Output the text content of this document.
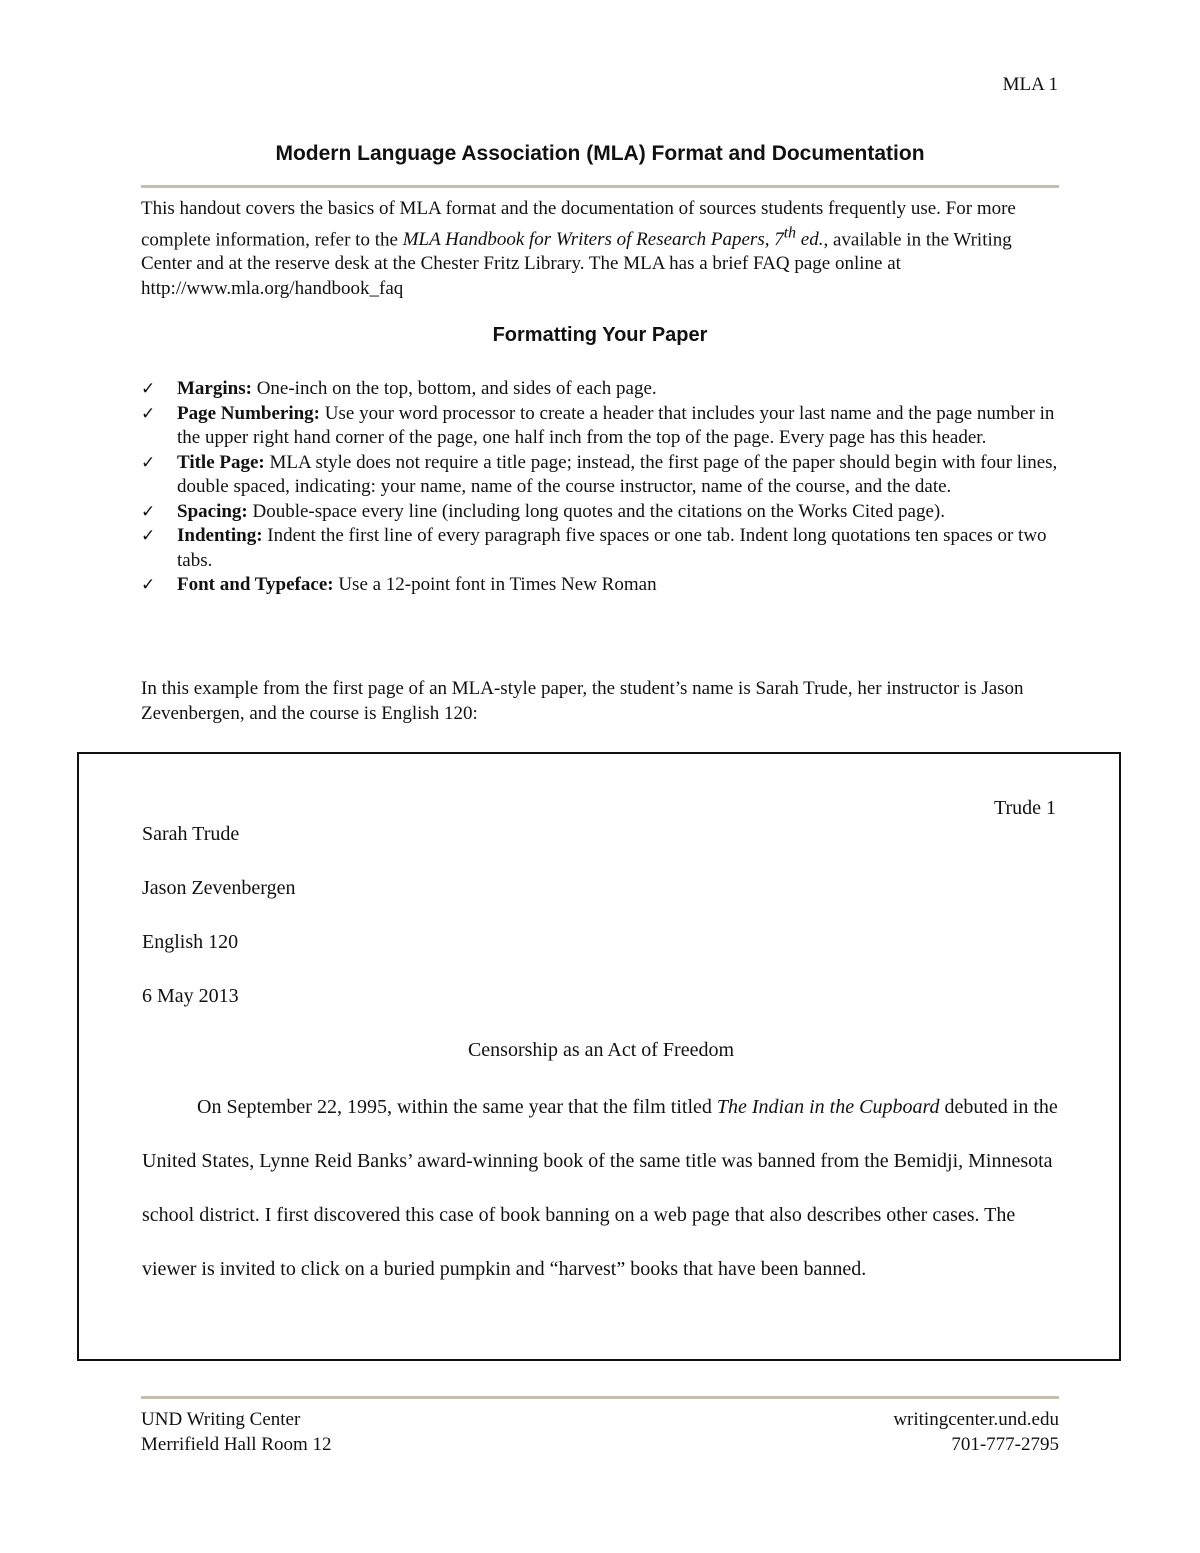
MLA 1
Modern Language Association (MLA) Format and Documentation
This handout covers the basics of MLA format and the documentation of sources students frequently use. For more complete information, refer to the MLA Handbook for Writers of Research Papers, 7th ed., available in the Writing Center and at the reserve desk at the Chester Fritz Library. The MLA has a brief FAQ page online at http://www.mla.org/handbook_faq
Formatting Your Paper
✓ Margins: One-inch on the top, bottom, and sides of each page.
✓ Page Numbering: Use your word processor to create a header that includes your last name and the page number in the upper right hand corner of the page, one half inch from the top of the page. Every page has this header.
✓ Title Page: MLA style does not require a title page; instead, the first page of the paper should begin with four lines, double spaced, indicating: your name, name of the course instructor, name of the course, and the date.
✓ Spacing: Double-space every line (including long quotes and the citations on the Works Cited page).
✓ Indenting: Indent the first line of every paragraph five spaces or one tab. Indent long quotations ten spaces or two tabs.
✓ Font and Typeface: Use a 12-point font in Times New Roman
In this example from the first page of an MLA-style paper, the student’s name is Sarah Trude, her instructor is Jason Zevenbergen, and the course is English 120:
Trude 1
Sarah Trude
Jason Zevenbergen
English 120
6 May 2013
Censorship as an Act of Freedom

On September 22, 1995, within the same year that the film titled The Indian in the Cupboard debuted in the United States, Lynne Reid Banks’ award-winning book of the same title was banned from the Bemidji, Minnesota school district. I first discovered this case of book banning on a web page that also describes other cases. The viewer is invited to click on a buried pumpkin and “harvest” books that have been banned.

UND Writing Center
Merrifield Hall Room 12
writingcenter.und.edu
701-777-2795
